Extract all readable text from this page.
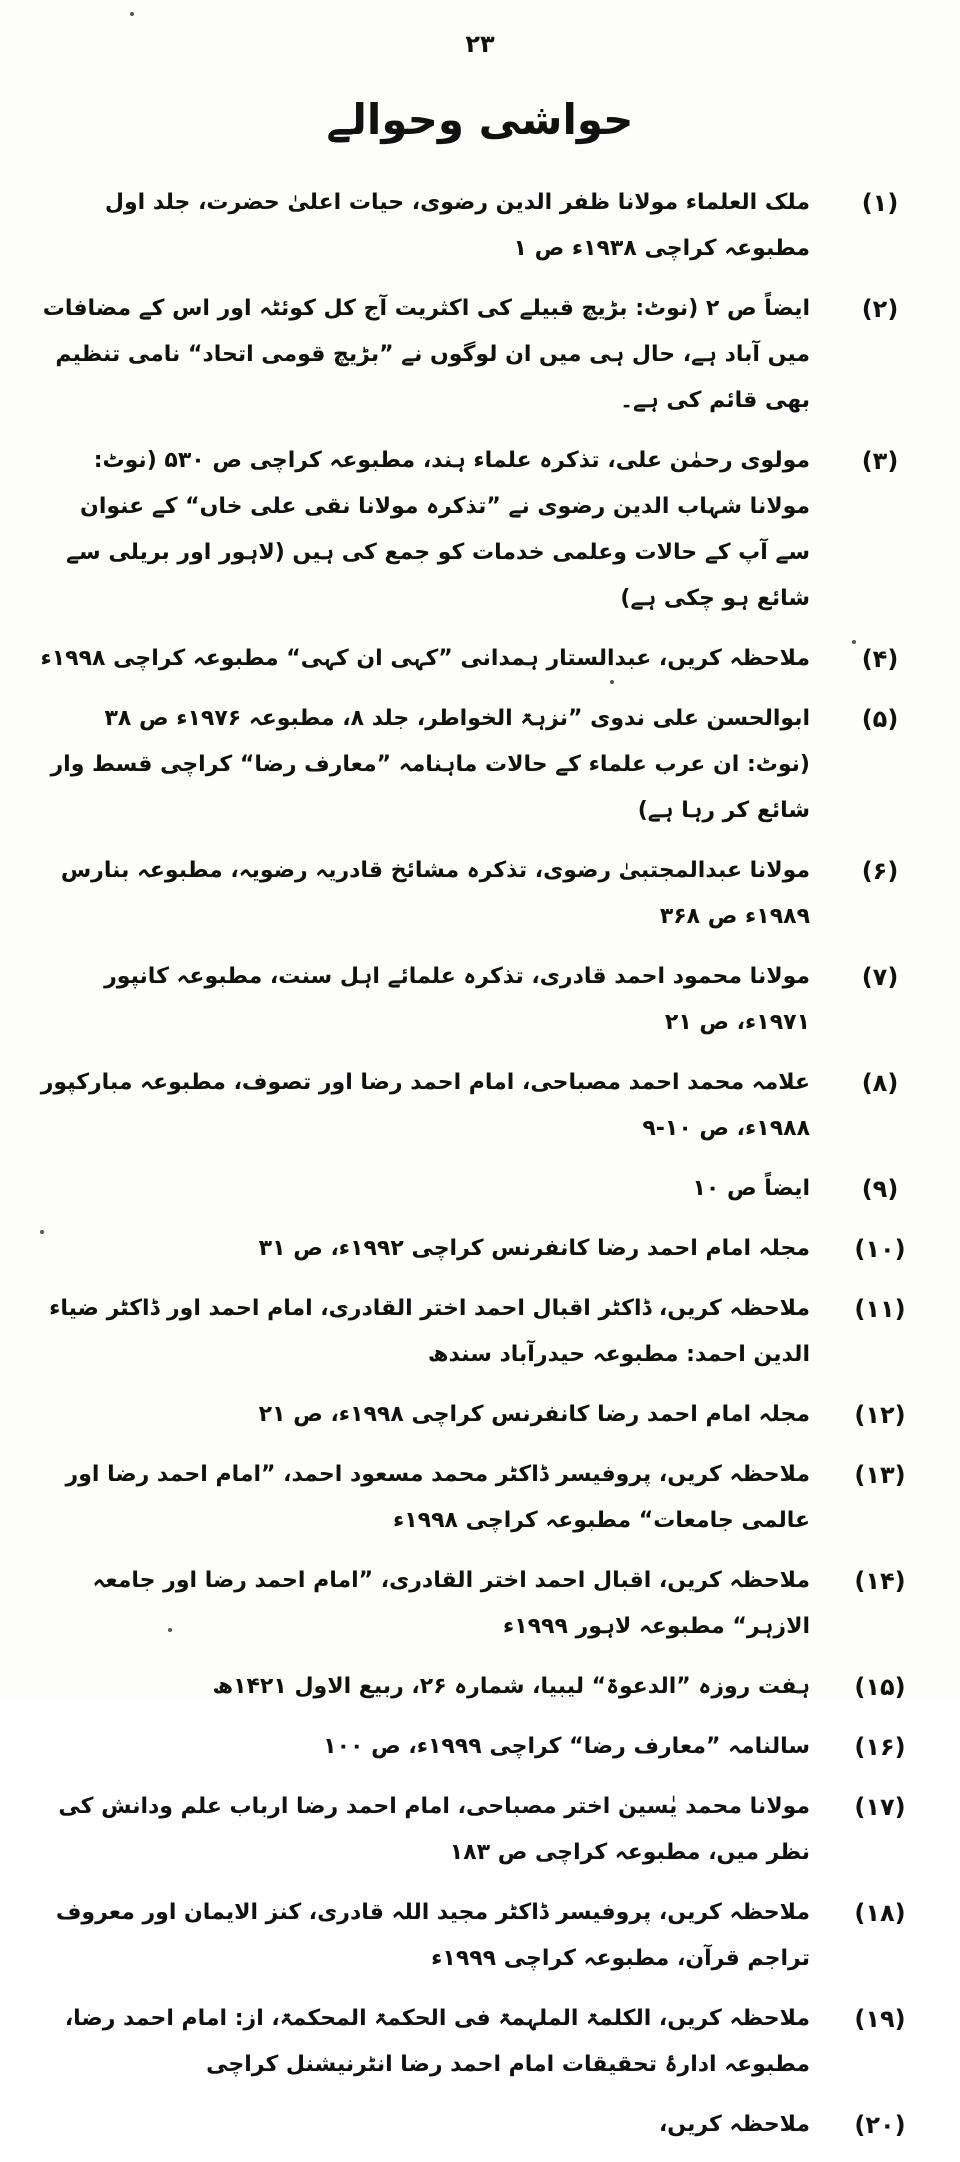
۲۳
حواشی وحوالے
(۱)
ملک العلماء مولانا ظفر الدین رضوی، حیات اعلیٰ حضرت، جلد اول مطبوعہ کراچی ۱۹۳۸ء ص ۱
(۲)
ایضاً ص ۲ (نوٹ: بڑیچ قبیلے کی اکثریت آج کل کوئٹہ اور اس کے مضافات میں آباد ہے، حال ہی میں ان لوگوں نے ”بڑیچ قومی اتحاد“ نامی تنظیم بھی قائم کی ہے۔
(۳)
مولوی رحمٰن علی، تذکرہ علماء ہند، مطبوعہ کراچی ص ۵۳۰ (نوٹ: مولانا شہاب الدین رضوی نے ”تذکرہ مولانا نقی علی خاں“ کے عنوان سے آپ کے حالات وعلمی خدمات کو جمع کی ہیں (لاہور اور بریلی سے شائع ہو چکی ہے)
(۴)
ملاحظہ کریں، عبدالستار ہمدانی ”کہی ان کہی“ مطبوعہ کراچی ۱۹۹۸ء
(۵)
ابوالحسن علی ندوی ”نزہۃ الخواطر، جلد ۸، مطبوعہ ۱۹۷۶ء ص ۳۸ (نوٹ: ان عرب علماء کے حالات ماہنامہ ”معارف رضا“ کراچی قسط وار شائع کر رہا ہے)
(۶)
مولانا عبدالمجتبیٰ رضوی، تذکرہ مشائخ قادریہ رضویہ، مطبوعہ بنارس ۱۹۸۹ء ص ۳۶۸
(۷)
مولانا محمود احمد قادری، تذکرہ علمائے اہل سنت، مطبوعہ کانپور ۱۹۷۱ء، ص ۲۱
(۸)
علامہ محمد احمد مصباحی، امام احمد رضا اور تصوف، مطبوعہ مبارکپور ۱۹۸۸ء، ص ۱۰-۹
(۹)
ایضاً ص ۱۰
(۱۰)
مجلہ امام احمد رضا کانفرنس کراچی ۱۹۹۲ء، ص ۳۱
(۱۱)
ملاحظہ کریں، ڈاکٹر اقبال احمد اختر القادری، امام احمد اور ڈاکٹر ضیاء الدین احمد: مطبوعہ حیدرآباد سندھ
(۱۲)
مجلہ امام احمد رضا کانفرنس کراچی ۱۹۹۸ء، ص ۲۱
(۱۳)
ملاحظہ کریں، پروفیسر ڈاکٹر محمد مسعود احمد، ”امام احمد رضا اور عالمی جامعات“ مطبوعہ کراچی ۱۹۹۸ء
(۱۴)
ملاحظہ کریں، اقبال احمد اختر القادری، ”امام احمد رضا اور جامعہ الازہر“ مطبوعہ لاہور ۱۹۹۹ء
(۱۵)
ہفت روزہ ”الدعوۃ“ لیبیا، شمارہ ۲۶، ربیع الاول ۱۴۲۱ھ
(۱۶)
سالنامہ ”معارف رضا“ کراچی ۱۹۹۹ء، ص ۱۰۰
(۱۷)
مولانا محمد یٰسین اختر مصباحی، امام احمد رضا ارباب علم ودانش کی نظر میں، مطبوعہ کراچی ص ۱۸۳
(۱۸)
ملاحظہ کریں، پروفیسر ڈاکٹر مجید اللہ قادری، کنز الایمان اور معروف تراجم قرآن، مطبوعہ کراچی ۱۹۹۹ء
(۱۹)
ملاحظہ کریں، الکلمۃ الملہمۃ فی الحکمۃ المحکمۃ، از: امام احمد رضا، مطبوعہ ادارۂ تحقیقات امام احمد رضا انٹرنیشنل کراچی
(۲۰)
ملاحظہ کریں،
